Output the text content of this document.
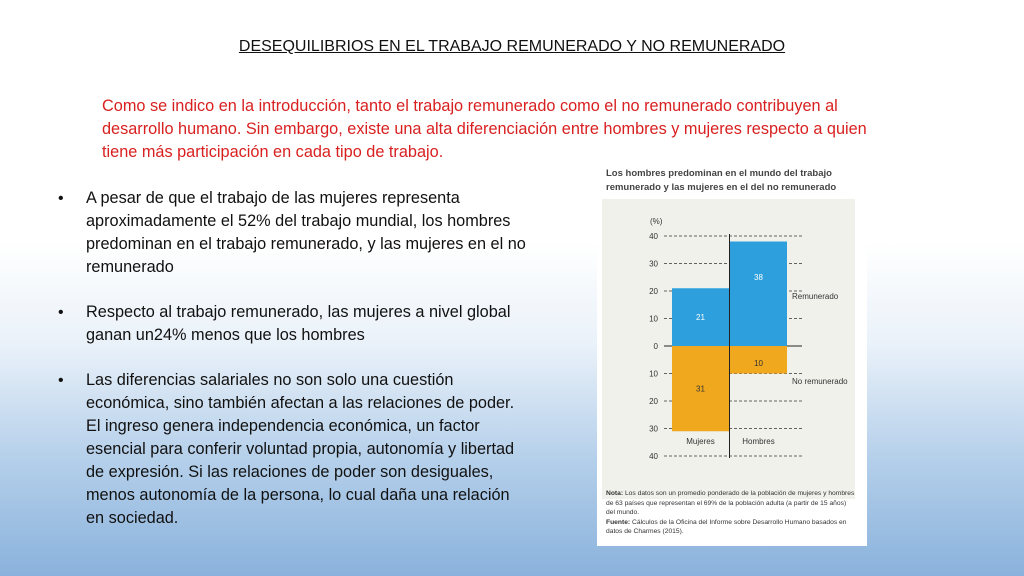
DESEQUILIBRIOS EN EL TRABAJO REMUNERADO Y NO REMUNERADO
Como se indico en la introducción, tanto el trabajo remunerado como el no remunerado contribuyen al desarrollo humano. Sin embargo, existe una alta diferenciación entre hombres y mujeres respecto a quien tiene más participación en cada tipo de trabajo.
• A pesar de que el trabajo de las mujeres representa aproximadamente el 52% del trabajo mundial, los hombres predominan en el trabajo remunerado, y las mujeres en el no remunerado
• Respecto al trabajo remunerado, las mujeres a nivel global ganan un24% menos que los hombres
• Las diferencias salariales no son solo una cuestión económica, sino también afectan a las relaciones de poder. El ingreso genera independencia económica, un factor esencial para conferir voluntad propia, autonomía y libertad de expresión. Si las relaciones de poder son desiguales, menos autonomía de la persona, lo cual daña una relación en sociedad.
Los hombres predominan en el mundo del trabajo remunerado y las mujeres en el del no remunerado
(%)
40
30
20
10
0
10
20
30
40
21
31
Mujeres
38
10
Hombres
Remunerado
No remunerado
Nota: Los datos son un promedio ponderado de la población de mujeres y hombres de 63 países que representan el 69% de la población adulta (a partir de 15 años) del mundo.
Fuente: Cálculos de la Oficina del Informe sobre Desarrollo Humano basados en datos de Charmes (2015).
